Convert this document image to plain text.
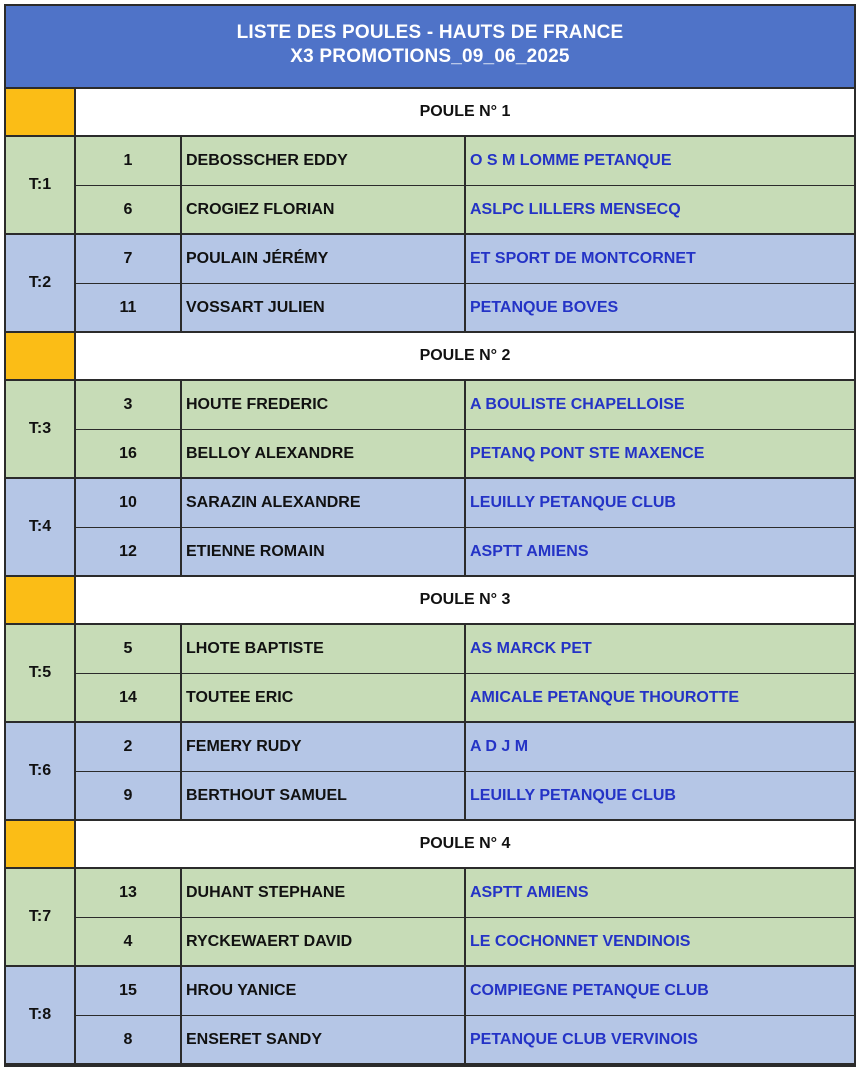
LISTE DES POULES - HAUTS DE FRANCE
X3 PROMOTIONS_09_06_2025
POULE N° 1
T:1
1	DEBOSSCHER EDDY	O S M LOMME PETANQUE
6	CROGIEZ FLORIAN	ASLPC LILLERS MENSECQ
T:2
7	POULAIN JÉRÉMY	ET SPORT DE MONTCORNET
11	VOSSART JULIEN	PETANQUE BOVES
POULE N° 2
T:3
3	HOUTE FREDERIC	A BOULISTE CHAPELLOISE
16	BELLOY ALEXANDRE	PETANQ PONT STE MAXENCE
T:4
10	SARAZIN ALEXANDRE	LEUILLY PETANQUE CLUB
12	ETIENNE ROMAIN	ASPTT AMIENS
POULE N° 3
T:5
5	LHOTE BAPTISTE	AS MARCK PET
14	TOUTEE ERIC	AMICALE PETANQUE THOUROTTE
T:6
2	FEMERY RUDY	A D J M
9	BERTHOUT SAMUEL	LEUILLY PETANQUE CLUB
POULE N° 4
T:7
13	DUHANT STEPHANE	ASPTT AMIENS
4	RYCKEWAERT DAVID	LE COCHONNET VENDINOIS
T:8
15	HROU YANICE	COMPIEGNE PETANQUE CLUB
8	ENSERET SANDY	PETANQUE CLUB VERVINOIS
